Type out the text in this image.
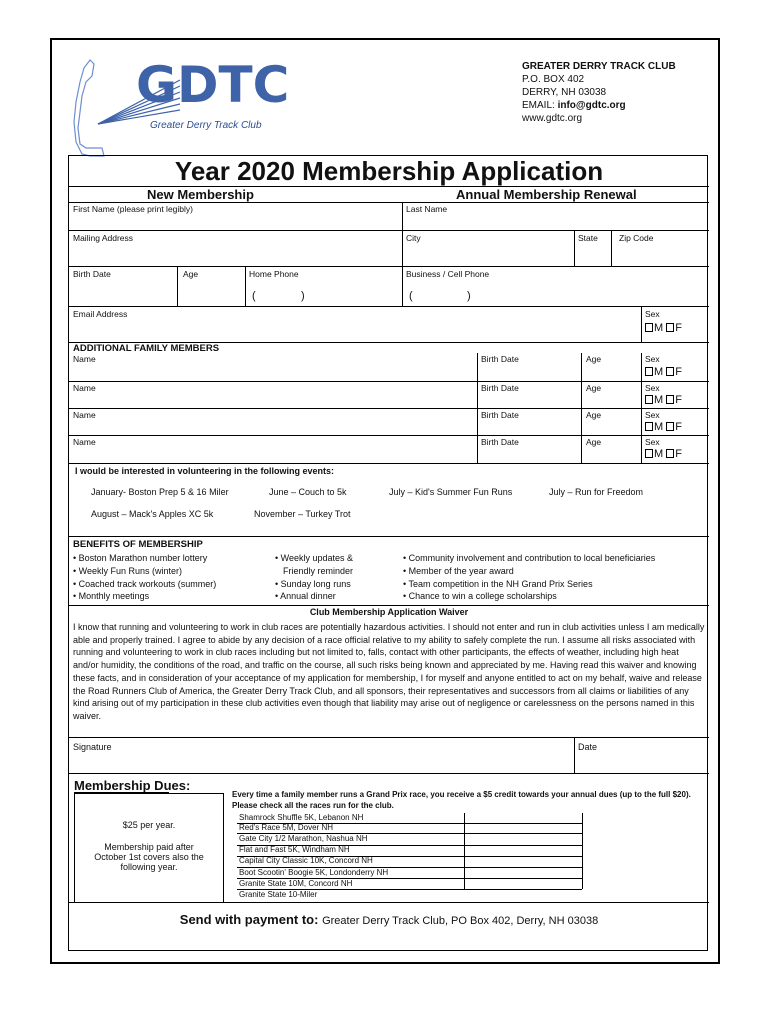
GDTC
Greater Derry Track Club
GREATER DERRY TRACK CLUB
P.O. BOX 402
DERRY, NH 03038
EMAIL: info@gdtc.org
www.gdtc.org
Year 2020 Membership Application
New Membership	Annual Membership Renewal
First Name (please print legibly)	Last Name
Mailing Address	City	State Zip Code
Birth Date	Age	Home Phone
(	)
Business / Cell Phone
(	)
Email Address	Sex
M F
ADDITIONAL FAMILY MEMBERS
Name	Birth Date	Age	Sex
M F
Name	Birth Date	Age	Sex
M F
Name	Birth Date	Age	Sex
M F
Name	Birth Date	Age	Sex
M F
I would be interested in volunteering in the following events:
January- Boston Prep 5 & 16 Miler	June – Couch to 5k	July – Kid's Summer Fun Runs	July – Run for Freedom
August – Mack's Apples XC 5k	November – Turkey Trot
BENEFITS OF MEMBERSHIP
• Boston Marathon number lottery
• Weekly Fun Runs (winter)
• Coached track workouts (summer)
• Monthly meetings
• Weekly updates &
Friendly reminder
• Sunday long runs
• Annual dinner
• Community involvement and contribution to local beneficiaries
• Member of the year award
• Team competition in the NH Grand Prix Series
• Chance to win a college scholarships
Club Membership Application Waiver
I know that running and volunteering to work in club races are potentially hazardous activities. I should not enter and run in club activities unless I am medically able and properly trained. I agree to abide by any decision of a race official relative to my ability to safely complete the run. I assume all risks associated with running and volunteering to work in club races including but not limited to, falls, contact with other participants, the effects of weather, including high heat and/or humidity, the conditions of the road, and traffic on the course, all such risks being known and appreciated by me. Having read this waiver and knowing these facts, and in consideration of your acceptance of my application for membership, I for myself and anyone entitled to act on my behalf, waive and release the Road Runners Club of America, the Greater Derry Track Club, and all sponsors, their representatives and successors from all claims or liabilities of any kind arising out of my participation in these club activities even though that liability may arise out of negligence or carelessness on the persons named in this waiver.
Signature	Date
Membership Dues:
$25 per year.
Membership paid after
October 1st covers also the
following year.
Every time a family member runs a Grand Prix race, you receive a $5 credit towards your annual dues (up to the full $20). Please check all the races run for the club.
Shamrock Shuffle 5K, Lebanon NH
Red's Race 5M, Dover NH
Gate City 1/2 Marathon, Nashua NH
Flat and Fast 5K, Windham NH
Capital City Classic 10K, Concord NH
Boot Scootin' Boogie 5K, Londonderry NH
Granite State 10M, Concord NH
Granite State 10-Miler
Send with payment to: Greater Derry Track Club, PO Box 402, Derry, NH 03038
